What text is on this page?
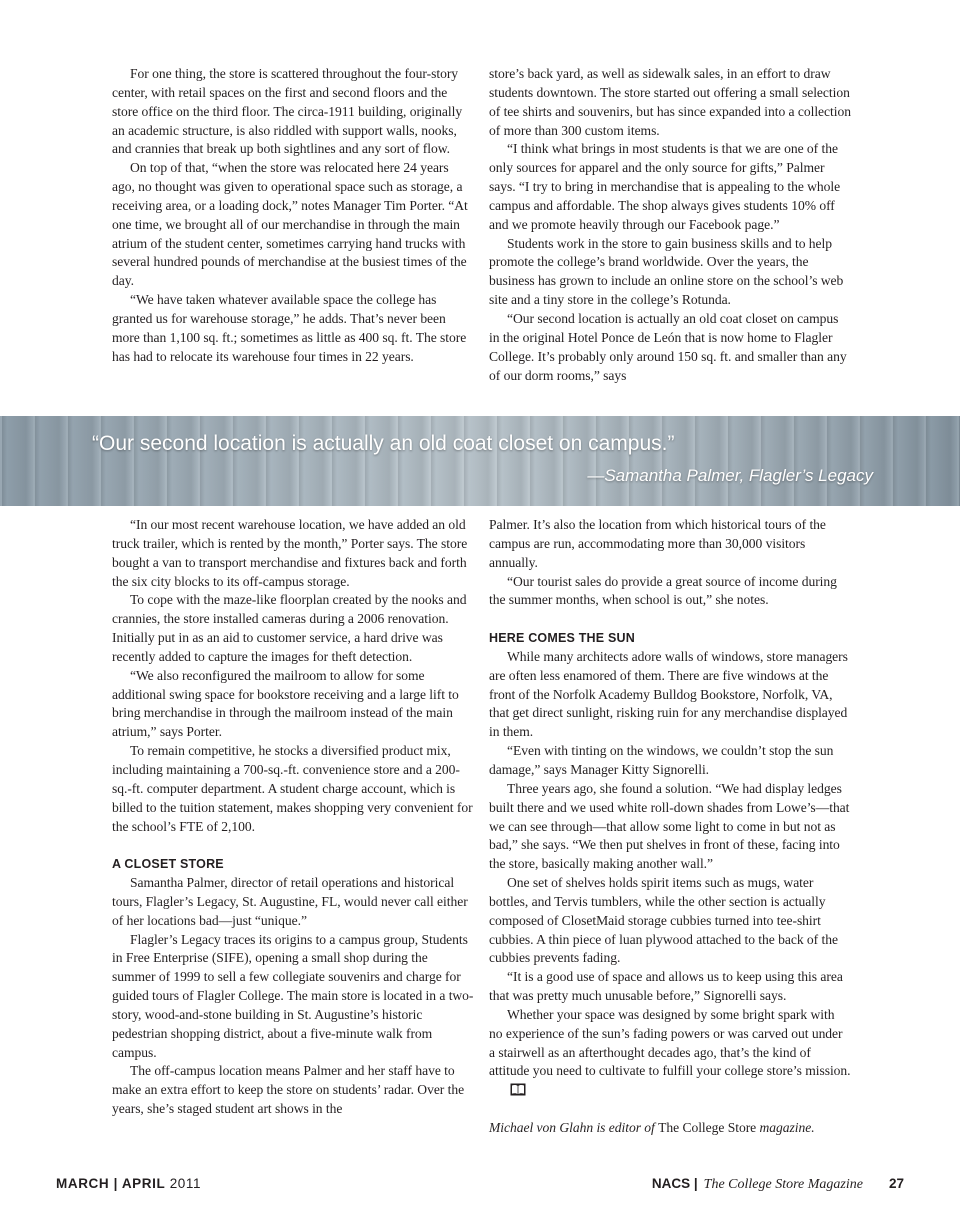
For one thing, the store is scattered throughout the four-story center, with retail spaces on the first and second floors and the store office on the third floor. The circa-1911 building, originally an academic structure, is also riddled with support walls, nooks, and crannies that break up both sightlines and any sort of flow.

On top of that, “when the store was relocated here 24 years ago, no thought was given to operational space such as storage, a receiving area, or a loading dock,” notes Manager Tim Porter. “At one time, we brought all of our merchandise in through the main atrium of the student center, sometimes carrying hand trucks with several hundred pounds of merchandise at the busiest times of the day.

“We have taken whatever available space the college has granted us for warehouse storage,” he adds. That’s never been more than 1,100 sq. ft.; sometimes as little as 400 sq. ft. The store has had to relocate its warehouse four times in 22 years.

store’s back yard, as well as sidewalk sales, in an effort to draw students downtown. The store started out offering a small selection of tee shirts and souvenirs, but has since expanded into a collection of more than 300 custom items.

“I think what brings in most students is that we are one of the only sources for apparel and the only source for gifts,” Palmer says. “I try to bring in merchandise that is appealing to the whole campus and affordable. The shop always gives students 10% off and we promote heavily through our Facebook page.”

Students work in the store to gain business skills and to help promote the college’s brand worldwide. Over the years, the business has grown to include an online store on the school’s web site and a tiny store in the college’s Rotunda.

“Our second location is actually an old coat closet on campus in the original Hotel Ponce de León that is now home to Flagler College. It’s probably only around 150 sq. ft. and smaller than any of our dorm rooms,” says

“Our second location is actually an old coat closet on campus.”
—Samantha Palmer, Flagler’s Legacy

“In our most recent warehouse location, we have added an old truck trailer, which is rented by the month,” Porter says. The store bought a van to transport merchandise and fixtures back and forth the six city blocks to its off-campus storage.

To cope with the maze-like floorplan created by the nooks and crannies, the store installed cameras during a 2006 renovation. Initially put in as an aid to customer service, a hard drive was recently added to capture the images for theft detection.

“We also reconfigured the mailroom to allow for some additional swing space for bookstore receiving and a large lift to bring merchandise in through the mailroom instead of the main atrium,” says Porter.

To remain competitive, he stocks a diversified product mix, including maintaining a 700-sq.-ft. convenience store and a 200-sq.-ft. computer department. A student charge account, which is billed to the tuition statement, makes shopping very convenient for the school’s FTE of 2,100.

A CLOSET STORE

Samantha Palmer, director of retail operations and historical tours, Flagler’s Legacy, St. Augustine, FL, would never call either of her locations bad—just “unique.”

Flagler’s Legacy traces its origins to a campus group, Students in Free Enterprise (SIFE), opening a small shop during the summer of 1999 to sell a few collegiate souvenirs and charge for guided tours of Flagler College. The main store is located in a two-story, wood-and-stone building in St. Augustine’s historic pedestrian shopping district, about a five-minute walk from campus.

The off-campus location means Palmer and her staff have to make an extra effort to keep the store on students’ radar. Over the years, she’s staged student art shows in the

Palmer. It’s also the location from which historical tours of the campus are run, accommodating more than 30,000 visitors annually.

“Our tourist sales do provide a great source of income during the summer months, when school is out,” she notes.

HERE COMES THE SUN

While many architects adore walls of windows, store managers are often less enamored of them. There are five windows at the front of the Norfolk Academy Bulldog Bookstore, Norfolk, VA, that get direct sunlight, risking ruin for any merchandise displayed in them.

“Even with tinting on the windows, we couldn’t stop the sun damage,” says Manager Kitty Signorelli.

Three years ago, she found a solution. “We had display ledges built there and we used white roll-down shades from Lowe’s—that we can see through—that allow some light to come in but not as bad,” she says. “We then put shelves in front of these, facing into the store, basically making another wall.”

One set of shelves holds spirit items such as mugs, water bottles, and Tervis tumblers, while the other section is actually composed of ClosetMaid storage cubbies turned into tee-shirt cubbies. A thin piece of luan plywood attached to the back of the cubbies prevents fading.

“It is a good use of space and allows us to keep using this area that was pretty much unusable before,” Signorelli says.

Whether your space was designed by some bright spark with no experience of the sun’s fading powers or was carved out under a stairwell as an afterthought decades ago, that’s the kind of attitude you need to cultivate to fulfill your college store’s mission.

Michael von Glahn is editor of The College Store magazine.

MARCH | APRIL 2011	NACS | The College Store Magazine 27
